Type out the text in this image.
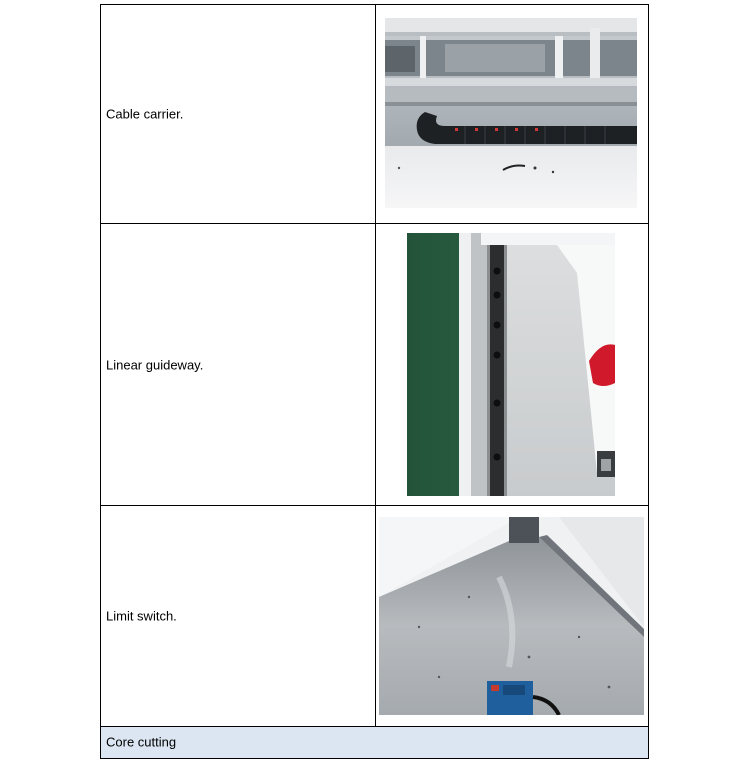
Cable carrier.
Linear guideway.
Limit switch.
Core cutting
